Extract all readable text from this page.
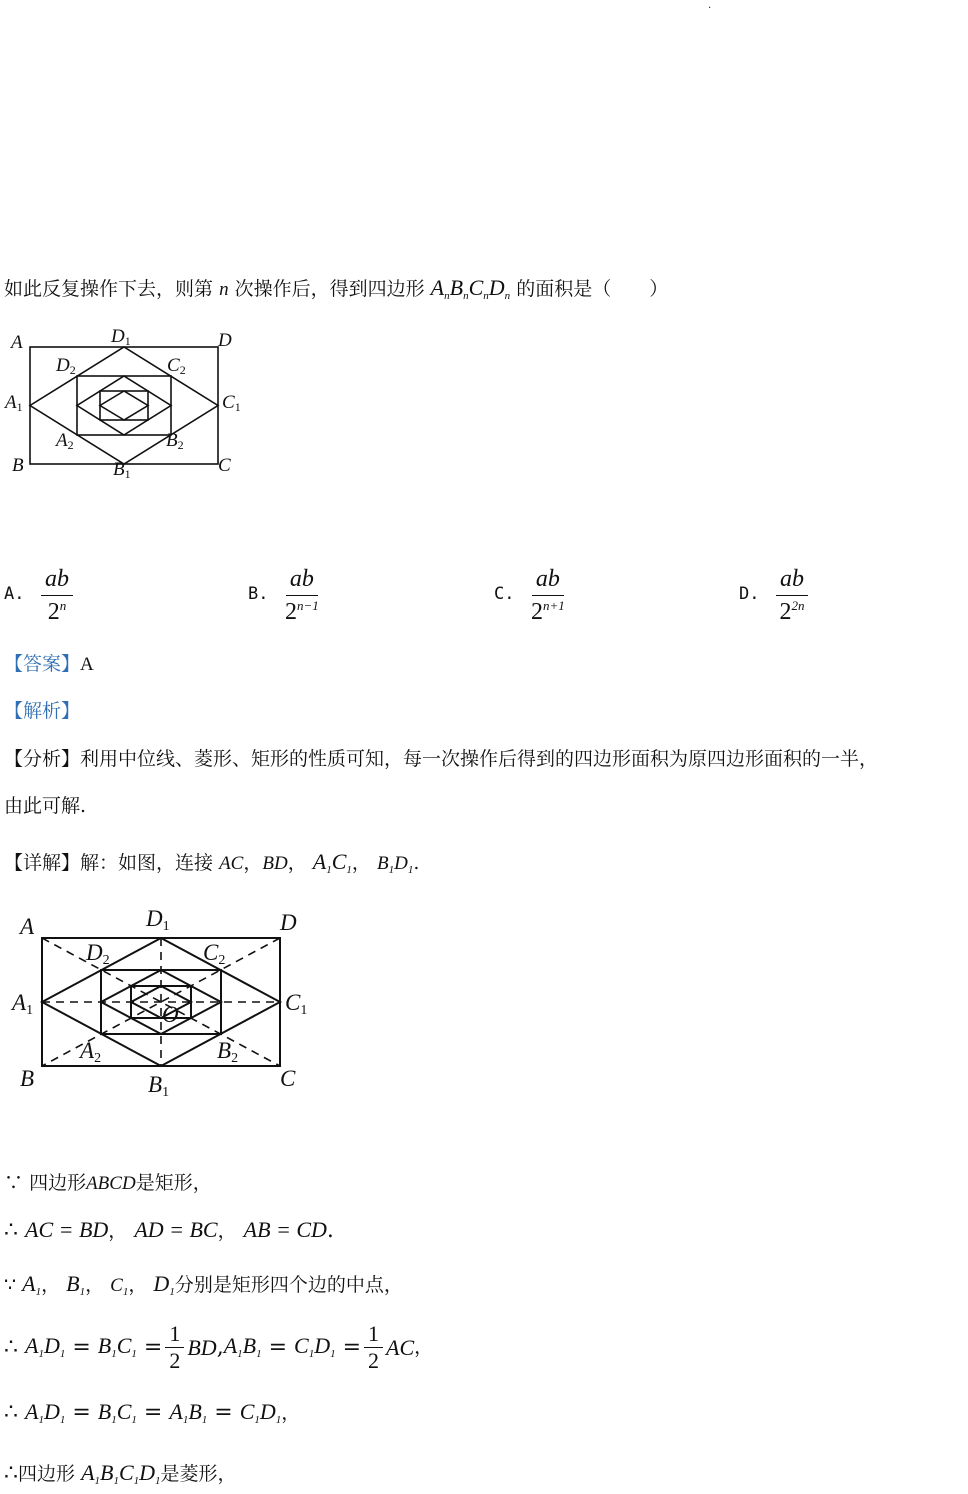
.
如此反复操作下去，则第 n 次操作后，得到四边形 $A_nB_nC_nD_n$ 的面积是（　　）
A	D1	D
D2	C2
A1	C1
A2	B2
B	B1	C
A. $\frac{ab}{2^n}$	B. $\frac{ab}{2^{n-1}}$	C. $\frac{ab}{2^{n+1}}$	D. $\frac{ab}{2^{2n}}$
【答案】A
【解析】
【分析】利用中位线、菱形、矩形的性质可知，每一次操作后得到的四边形面积为原四边形面积的一半，
由此可解.
【详解】解：如图，连接 AC，BD， $A_1C_1$， $B_1D_1$.
A	D1	D
D2	C2
A1	C1
O
A2	B2
B	B1
C
∵ 四边形ABCD是矩形，
∴ AC = BD， AD = BC， AB = CD.
∵ $A_1$， $B_1$， $C_1$， $D_1$分别是矩形四个边的中点，
∴
$A_1D_1$
=
$B_1C_1$
= $\frac{1}{2}$ BD , $A_1B_1$
=
$C_1D_1$
= $\frac{1}{2}$ AC ，
∴ $A_1D_1 = B_1C_1 = A_1B_1 = C_1D_1$，
∴四边形 $A_1B_1C_1D_1$是菱形，
